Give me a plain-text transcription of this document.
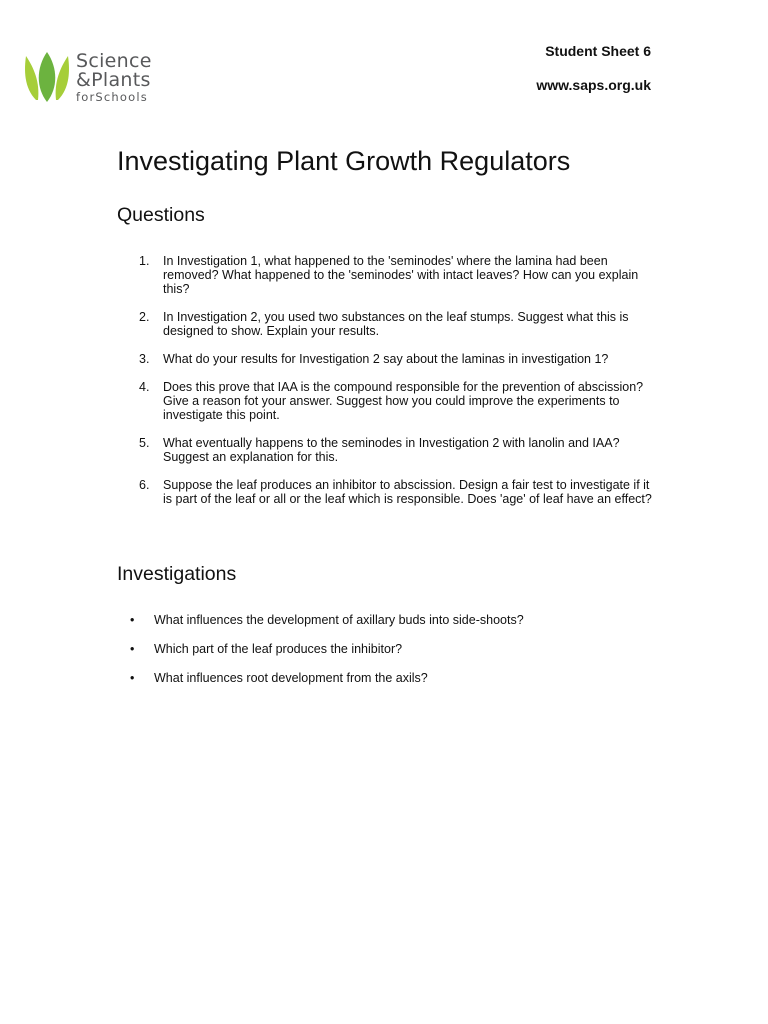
Science
&Plants
forSchools
Student Sheet 6
www.saps.org.uk
Investigating Plant Growth Regulators
Questions
1. In Investigation 1, what happened to the 'seminodes' where the lamina had been removed? What happened to the 'seminodes' with intact leaves? How can you explain this?
2. In Investigation 2, you used two substances on the leaf stumps. Suggest what this is designed to show. Explain your results.
3. What do your results for Investigation 2 say about the laminas in investigation 1?
4. Does this prove that IAA is the compound responsible for the prevention of abscission? Give a reason fot your answer. Suggest how you could improve the experiments to investigate this point.
5. What eventually happens to the seminodes in Investigation 2 with lanolin and IAA? Suggest an explanation for this.
6. Suppose the leaf produces an inhibitor to abscission. Design a fair test to investigate if it is part of the leaf or all or the leaf which is responsible. Does 'age' of leaf have an effect?
Investigations
• What influences the development of axillary buds into side-shoots?
• Which part of the leaf produces the inhibitor?
• What influences root development from the axils?
